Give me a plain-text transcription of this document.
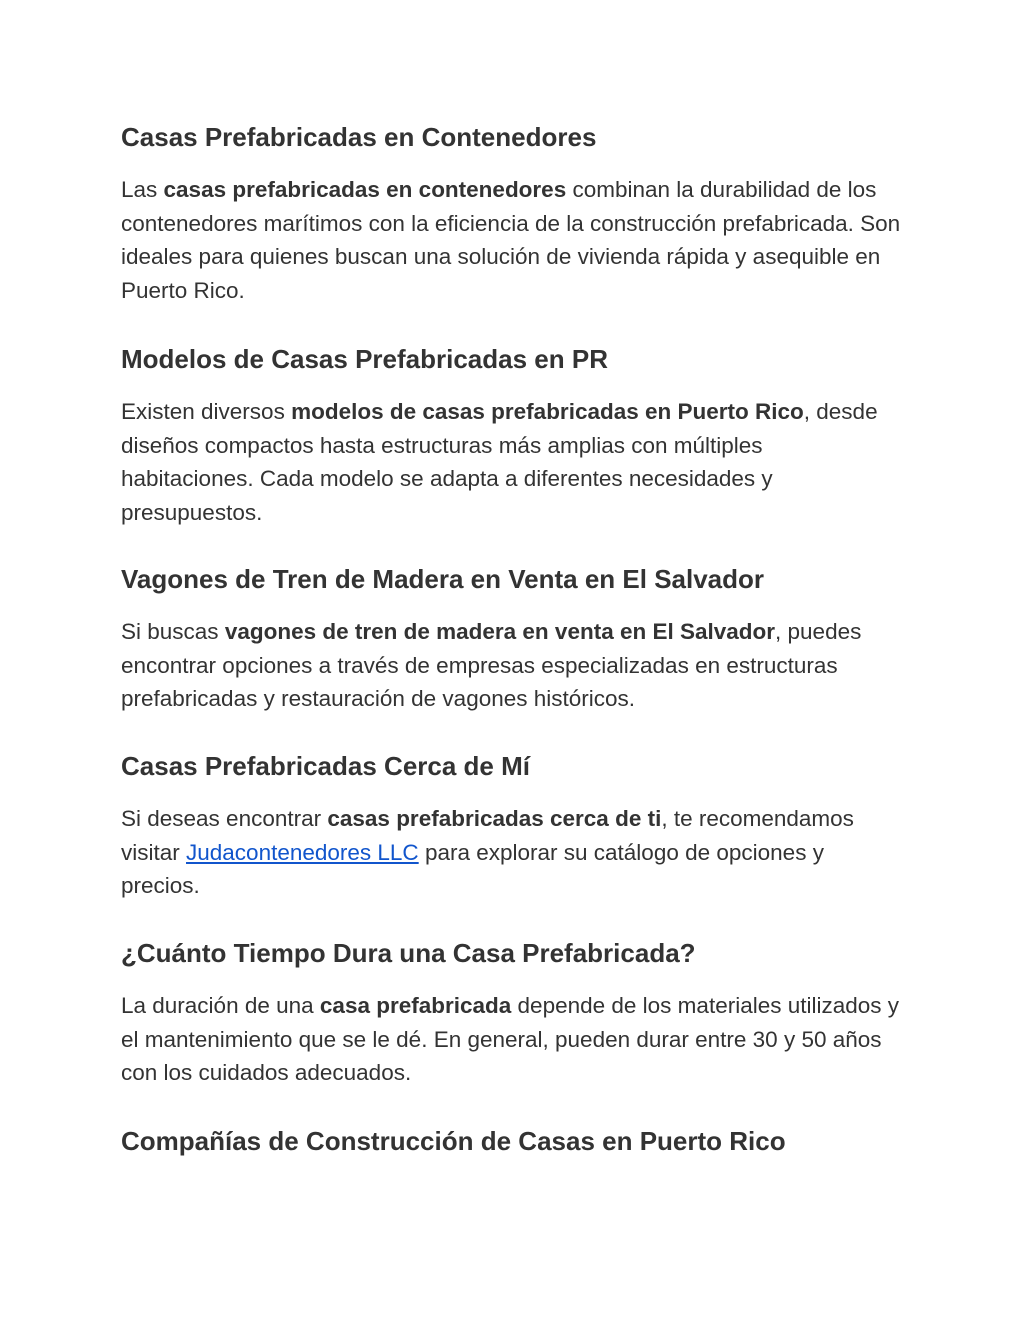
Casas Prefabricadas en Contenedores

Las casas prefabricadas en contenedores combinan la durabilidad de los contenedores marítimos con la eficiencia de la construcción prefabricada. Son ideales para quienes buscan una solución de vivienda rápida y asequible en Puerto Rico.

Modelos de Casas Prefabricadas en PR

Existen diversos modelos de casas prefabricadas en Puerto Rico, desde diseños compactos hasta estructuras más amplias con múltiples habitaciones. Cada modelo se adapta a diferentes necesidades y presupuestos.

Vagones de Tren de Madera en Venta en El Salvador

Si buscas vagones de tren de madera en venta en El Salvador, puedes encontrar opciones a través de empresas especializadas en estructuras prefabricadas y restauración de vagones históricos.

Casas Prefabricadas Cerca de Mí

Si deseas encontrar casas prefabricadas cerca de ti, te recomendamos visitar Judacontenedores LLC para explorar su catálogo de opciones y precios.

¿Cuánto Tiempo Dura una Casa Prefabricada?

La duración de una casa prefabricada depende de los materiales utilizados y el mantenimiento que se le dé. En general, pueden durar entre 30 y 50 años con los cuidados adecuados.

Compañías de Construcción de Casas en Puerto Rico
